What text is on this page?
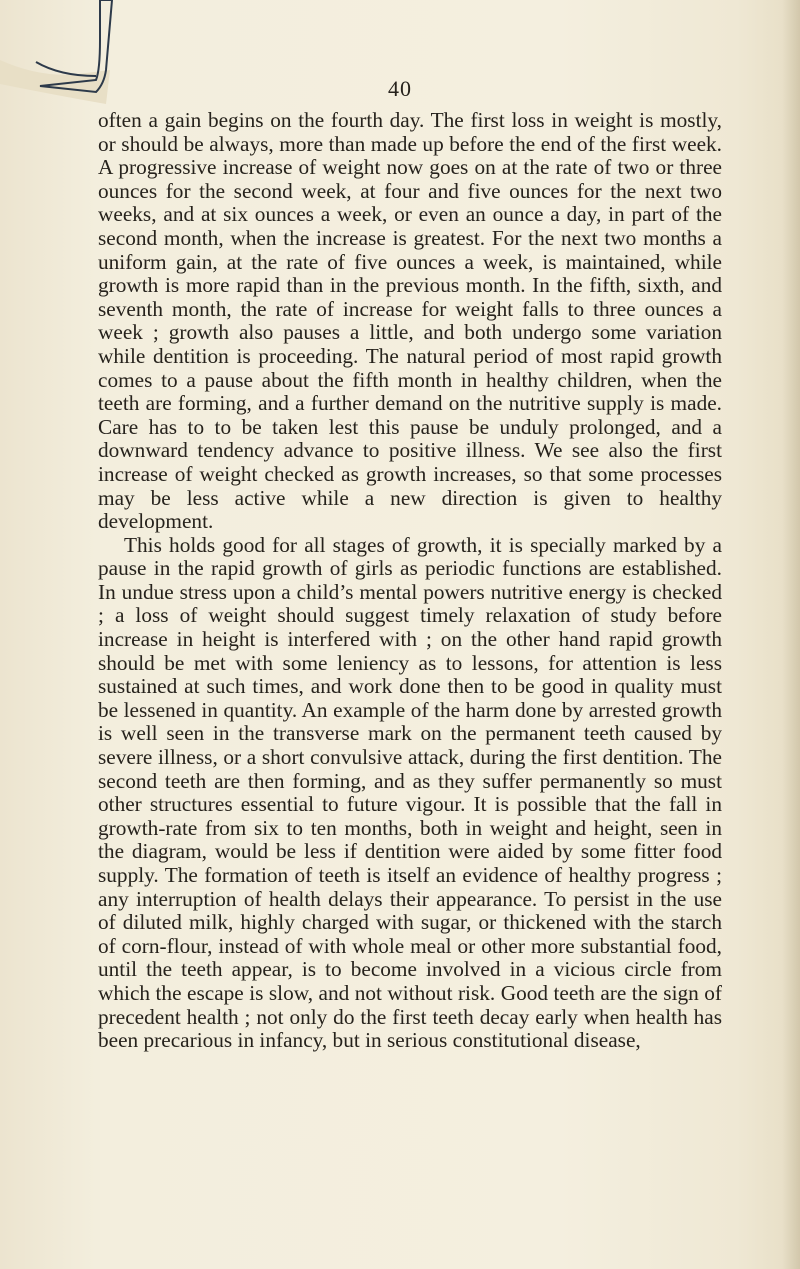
40

often a gain begins on the fourth day. The first loss in weight is mostly, or should be always, more than made up before the end of the first week. A progressive increase of weight now goes on at the rate of two or three ounces for the second week, at four and five ounces for the next two weeks, and at six ounces a week, or even an ounce a day, in part of the second month, when the increase is greatest. For the next two months a uniform gain, at the rate of five ounces a week, is maintained, while growth is more rapid than in the previous month. In the fifth, sixth, and seventh month, the rate of increase for weight falls to three ounces a week ; growth also pauses a little, and both undergo some variation while dentition is proceeding. The natural period of most rapid growth comes to a pause about the fifth month in healthy children, when the teeth are forming, and a further demand on the nutritive supply is made. Care has to to be taken lest this pause be unduly prolonged, and a downward tendency advance to positive illness. We see also the first increase of weight checked as growth increases, so that some processes may be less active while a new direction is given to healthy development.

This holds good for all stages of growth, it is specially marked by a pause in the rapid growth of girls as periodic functions are established. In undue stress upon a child’s mental powers nutritive energy is checked ; a loss of weight should suggest timely relaxation of study before increase in height is interfered with ; on the other hand rapid growth should be met with some leniency as to lessons, for attention is less sustained at such times, and work done then to be good in quality must be lessened in quantity. An example of the harm done by arrested growth is well seen in the transverse mark on the permanent teeth caused by severe illness, or a short convulsive attack, during the first dentition. The second teeth are then forming, and as they suffer permanently so must other structures essential to future vigour. It is possible that the fall in growth-rate from six to ten months, both in weight and height, seen in the diagram, would be less if dentition were aided by some fitter food supply. The formation of teeth is itself an evidence of healthy progress ; any interruption of health delays their appearance. To persist in the use of diluted milk, highly charged with sugar, or thickened with the starch of corn-flour, instead of with whole meal or other more substantial food, until the teeth appear, is to become involved in a vicious circle from which the escape is slow, and not without risk. Good teeth are the sign of precedent health ; not only do the first teeth decay early when health has been precarious in infancy, but in serious constitutional disease,
